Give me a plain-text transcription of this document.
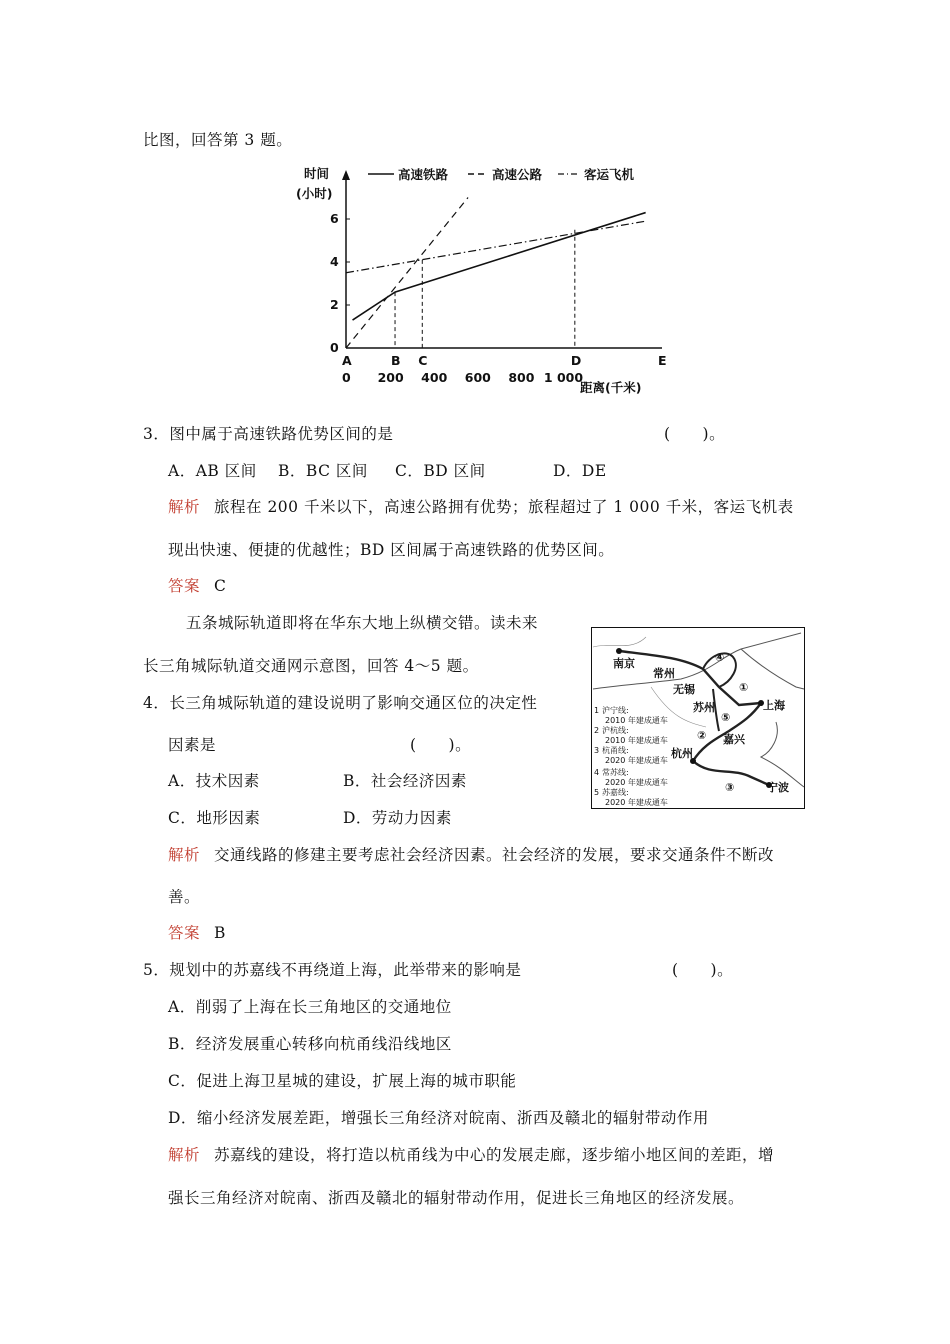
比图，回答第 3 题。
时间
(小时)
距离(千米)
高速铁路	高速公路	客运飞机
0
2
4
6
0 200 400 600 800 1 000
A	B C	D	E
3．图中属于高速铁路优势区间的是	(　　)。
A．AB 区间 B．BC 区间 C．BD 区间	D．DE
解析 旅程在 200 千米以下，高速公路拥有优势；旅程超过了 1 000 千米，客运飞机表
现出快速、便捷的优越性；BD 区间属于高速铁路的优势区间。
答案 C
五条城际轨道即将在华东大地上纵横交错。读未来
长三角城际轨道交通网示意图，回答 4～5 题。	南京
常州
无锡
苏州	上海
嘉兴
杭州
宁波
①
②
③
④
⑤
1 沪宁线:
2010 年建成通车
2 沪杭线:
2010 年建成通车
3 杭甬线:
2020 年建成通车
4 常苏线:
2020 年建成通车
5 苏嘉线:
2020 年建成通车
4．长三角城际轨道的建设说明了影响交通区位的决定性
因素是	(　　)。
A．技术因素	B．社会经济因素
C．地形因素	D．劳动力因素
解析 交通线路的修建主要考虑社会经济因素。社会经济的发展，要求交通条件不断改
善。
答案 B
5．规划中的苏嘉线不再绕道上海，此举带来的影响是	(　　)。
A．削弱了上海在长三角地区的交通地位
B．经济发展重心转移向杭甬线沿线地区
C．促进上海卫星城的建设，扩展上海的城市职能
D．缩小经济发展差距，增强长三角经济对皖南、浙西及赣北的辐射带动作用
解析 苏嘉线的建设，将打造以杭甬线为中心的发展走廊，逐步缩小地区间的差距，增
强长三角经济对皖南、浙西及赣北的辐射带动作用，促进长三角地区的经济发展。
